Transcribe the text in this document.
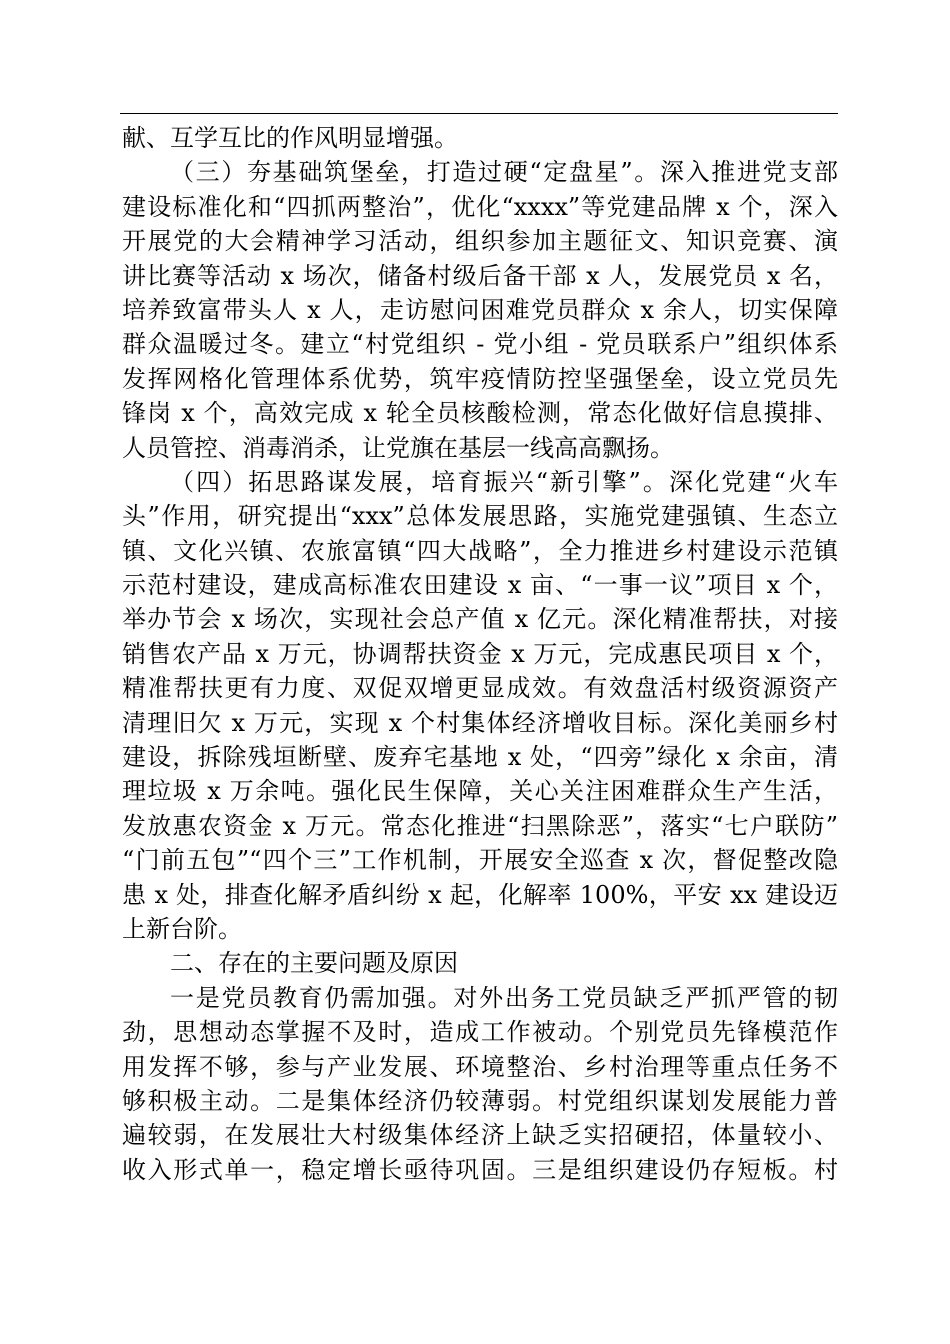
献、互学互比的作风明显增强。
（三）夯基础筑堡垒，打造过硬“定盘星”。深入推进党支部
建设标准化和“四抓两整治”，优化“xxxx”等党建品牌 x 个，深入
开展党的大会精神学习活动，组织参加主题征文、知识竞赛、演
讲比赛等活动 x 场次，储备村级后备干部 x 人，发展党员 x 名，
培养致富带头人 x 人，走访慰问困难党员群众 x 余人，切实保障
群众温暖过冬。建立“村党组织 - 党小组 - 党员联系户”组织体系
发挥网格化管理体系优势，筑牢疫情防控坚强堡垒，设立党员先
锋岗 x 个，高效完成 x 轮全员核酸检测，常态化做好信息摸排、
人员管控、消毒消杀，让党旗在基层一线高高飘扬。
（四）拓思路谋发展，培育振兴“新引擎”。深化党建“火车
头”作用，研究提出“xxx”总体发展思路，实施党建强镇、生态立
镇、文化兴镇、农旅富镇“四大战略”，全力推进乡村建设示范镇
示范村建设，建成高标准农田建设 x 亩、“一事一议”项目 x 个，
举办节会 x 场次，实现社会总产值 x 亿元。深化精准帮扶，对接
销售农产品 x 万元，协调帮扶资金 x 万元，完成惠民项目 x 个，
精准帮扶更有力度、双促双增更显成效。有效盘活村级资源资产
清理旧欠 x 万元，实现 x 个村集体经济增收目标。深化美丽乡村
建设，拆除残垣断壁、废弃宅基地 x 处，“四旁”绿化 x 余亩，清
理垃圾 x 万余吨。强化民生保障，关心关注困难群众生产生活，
发放惠农资金 x 万元。常态化推进“扫黑除恶”，落实“七户联防”
“门前五包”“四个三”工作机制，开展安全巡查 x 次，督促整改隐
患 x 处，排查化解矛盾纠纷 x 起，化解率 100%，平安 xx 建设迈
上新台阶。
二、存在的主要问题及原因
一是党员教育仍需加强。对外出务工党员缺乏严抓严管的韧
劲，思想动态掌握不及时，造成工作被动。个别党员先锋模范作
用发挥不够，参与产业发展、环境整治、乡村治理等重点任务不
够积极主动。二是集体经济仍较薄弱。村党组织谋划发展能力普
遍较弱，在发展壮大村级集体经济上缺乏实招硬招，体量较小、
收入形式单一，稳定增长亟待巩固。三是组织建设仍存短板。村
